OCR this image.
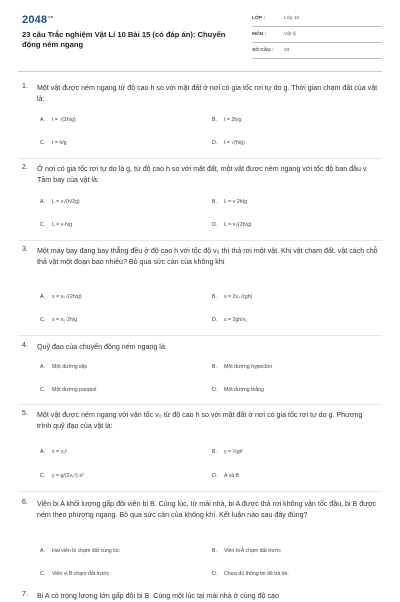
$2048^{vn}$
23 câu Trắc nghiệm Vật Lí 10 Bài 15 (có đáp án): Chuyển động ném ngang
LỚP :	Lớp 10
MÔN :	Vật lý
SỐ CÂU : 23
1. Một vật được ném ngang từ độ cao h so với mặt đất ở nơi có gia tốc rơi tự do g. Thời gian chạm đất của vật là:
A. t = √(2h/g)	B. t = 2h/g
C. t = h/g	D. t = √(h/g)
2. Ở nơi có gia tốc rơi tự do là g, từ độ cao h so với mặt đất, một vật được ném ngang với tốc độ ban đầu v. Tầm bay của vật là:
A. L = v√(h/2g)	B. L = v·2h/g
C. L = v·h/g	D. L = v√(2h/g)
3. Một máy bay đang bay thẳng đều ở độ cao h với tốc độ v₀ thì thả rơi một vật. Khi vật chạm đất, vật cách chỗ thả vật một đoạn bao nhiêu? Bỏ qua sức cản của không khí
A. s = v₀√(2h/g)	B. s = 2v₀√(gh)
C. s = v₀·2h/g	D. s = 2gh/v₀
4. Quỹ đạo của chuyển động ném ngang là:
A. Một đường elip	B. Một đường hypecbol
C. Một đường parabol	D. Một đường thẳng
5. Một vật được ném ngang với vận tốc v₀ từ độ cao h so với mặt đất ở nơi có gia tốc rơi tự do g. Phương trình quỹ đạo của vật là:
A. x = v₀t	B. y = ½gt²
C. y = g/(2v₀²)·x²	D. A và B
6. Viên bi A khối lượng gấp đôi viên bi B. Cùng lúc, từ mái nhà, bi A được thả rơi không vận tốc đầu, bi B được ném theo phương ngang. Bỏ qua sức cản của không khí. Kết luận nào sau đây đúng?
A. Hai viên bi chạm đất cùng lúc	B. Viên bi A chạm đất trước
C. Viên vi B chạm đất trước	D. Chưa đủ thông tin để trả lời.
7. Bi A có trọng lượng lớn gấp đôi bi B. Cùng một lúc tại mái nhà ở cùng độ cao
